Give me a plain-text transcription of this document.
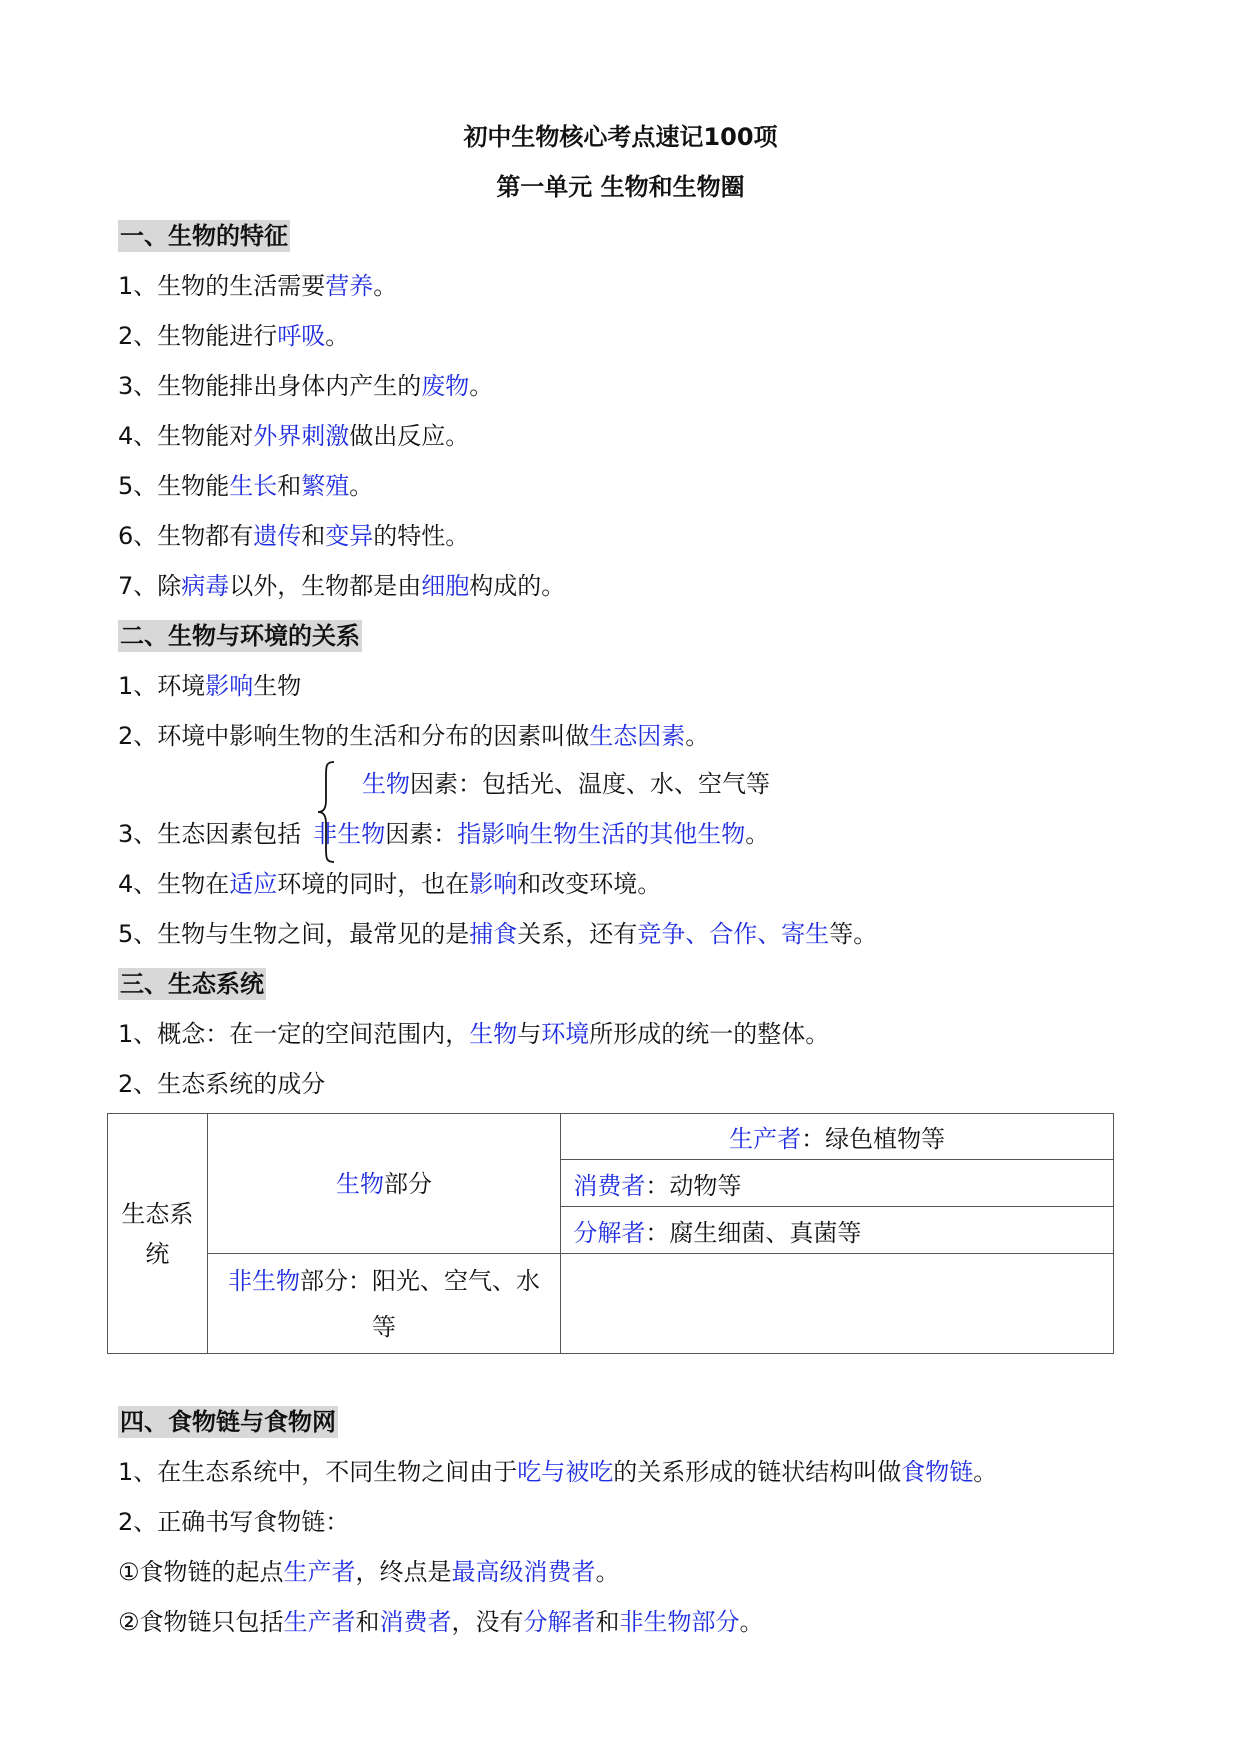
初中生物核心考点速记100项
第一单元 生物和生物圈
一、生物的特征
1、生物的生活需要营养。
2、生物能进行呼吸。
3、生物能排出身体内产生的废物。
4、生物能对外界刺激做出反应。
5、生物能生长和繁殖。
6、生物都有遗传和变异的特性。
7、除病毒以外，生物都是由细胞构成的。
二、生物与环境的关系
1、环境影响生物
2、环境中影响生物的生活和分布的因素叫做生态因素。
生物因素：包括光、温度、水、空气等
3、生态因素包括 非生物因素：指影响生物生活的其他生物。
4、生物在适应环境的同时，也在影响和改变环境。
5、生物与生物之间，最常见的是捕食关系，还有竞争、合作、寄生等。
三、生态系统
1、概念：在一定的空间范围内，生物与环境所形成的统一的整体。
2、生态系统的成分
生态系统	生物部分	生产者：绿色植物等
		消费者：动物等
		分解者：腐生细菌、真菌等
	非生物部分：阳光、空气、水等	
四、食物链与食物网
1、在生态系统中，不同生物之间由于吃与被吃的关系形成的链状结构叫做食物链。
2、正确书写食物链：
①食物链的起点生产者，终点是最高级消费者。
②食物链只包括生产者和消费者，没有分解者和非生物部分。
